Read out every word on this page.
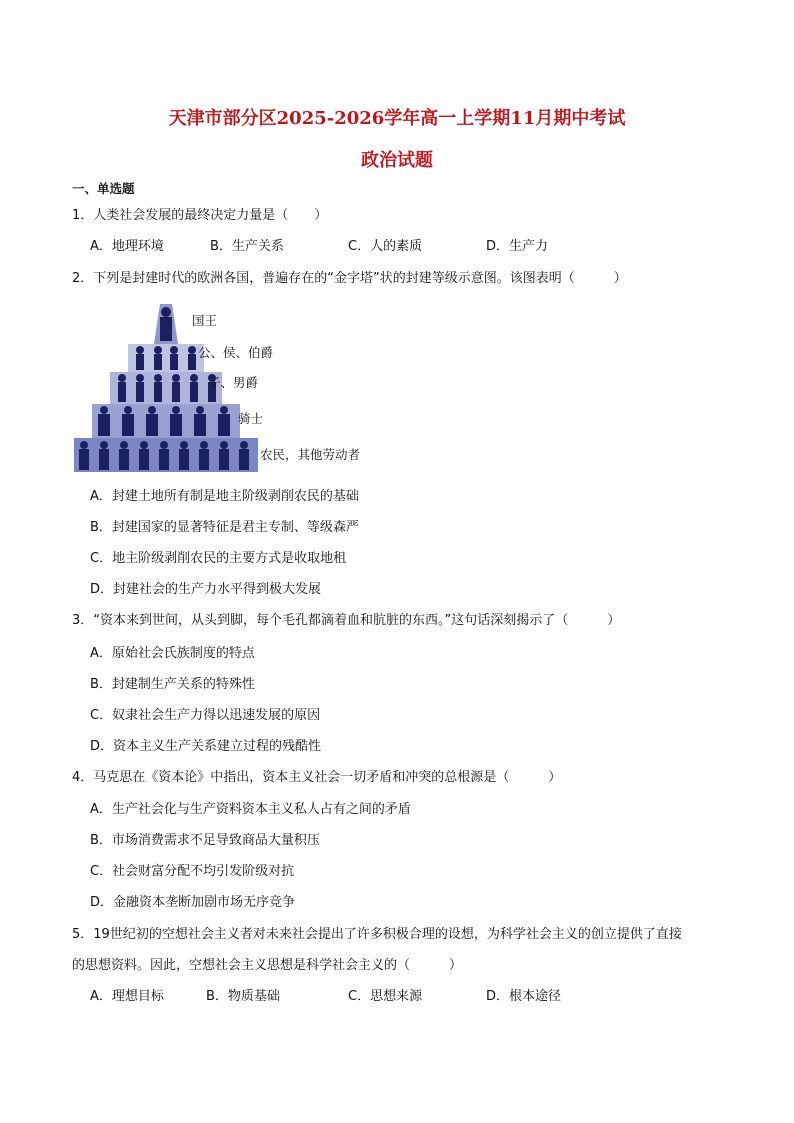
天津市部分区2025-2026学年高一上学期11月期中考试
政治试题
一、单选题
1．人类社会发展的最终决定力量是（　　）
A．地理环境	B．生产关系	C．人的素质	D．生产力
2．下列是封建时代的欧洲各国，普遍存在的“金字塔”状的封建等级示意图。该图表明（　　　）
国王
公、侯、伯爵
子、男爵
骑士
农民，其他劳动者
A．封建土地所有制是地主阶级剥削农民的基础
B．封建国家的显著特征是君主专制、等级森严
C．地主阶级剥削农民的主要方式是收取地租
D．封建社会的生产力水平得到极大发展
3．“资本来到世间，从头到脚，每个毛孔都滴着血和肮脏的东西。”这句话深刻揭示了（　　　）
A．原始社会氏族制度的特点
B．封建制生产关系的特殊性
C．奴隶社会生产力得以迅速发展的原因
D．资本主义生产关系建立过程的残酷性
4．马克思在《资本论》中指出，资本主义社会一切矛盾和冲突的总根源是（　　　）
A．生产社会化与生产资料资本主义私人占有之间的矛盾
B．市场消费需求不足导致商品大量积压
C．社会财富分配不均引发阶级对抗
D．金融资本垄断加剧市场无序竞争
5．19世纪初的空想社会主义者对未来社会提出了许多积极合理的设想，为科学社会主义的创立提供了直接
的思想资料。因此，空想社会主义思想是科学社会主义的（　　　）
A．理想目标	B．物质基础	C．思想来源	D．根本途径
